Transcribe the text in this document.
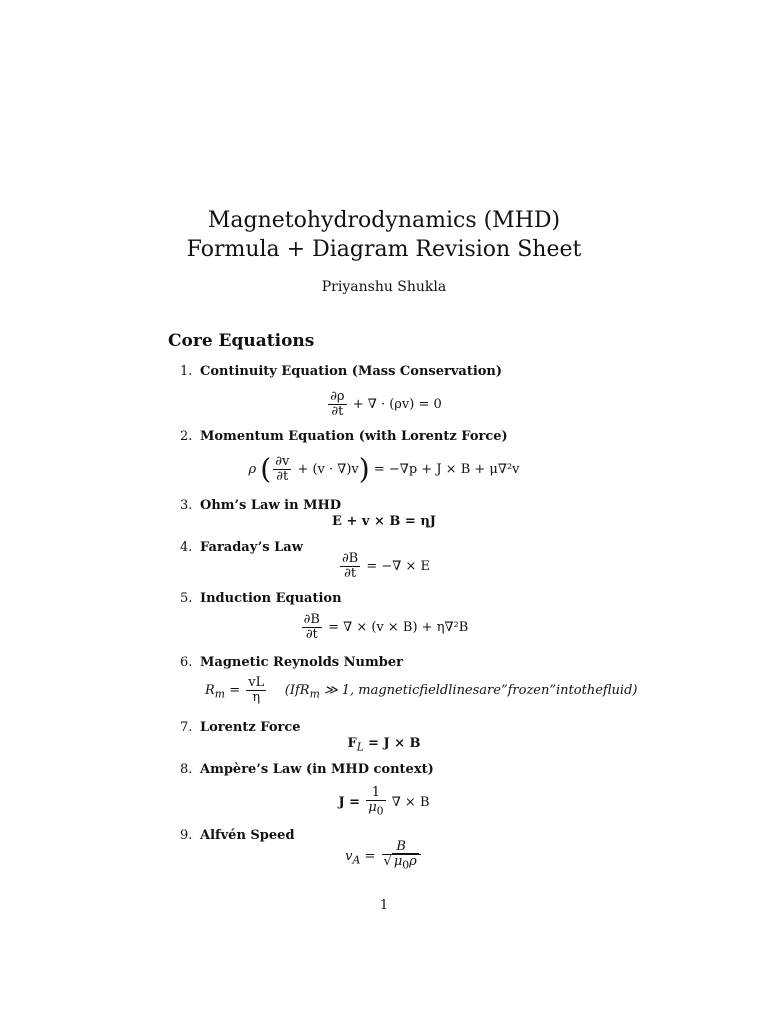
Magnetohydrodynamics (MHD)
Formula + Diagram Revision Sheet
Priyanshu Shukla
Core Equations
1. Continuity Equation (Mass Conservation)
$\frac{\partial\rho}{\partial t}$ + ∇ · (ρv) = 0
2. Momentum Equation (with Lorentz Force)
ρ ( $\frac{\partial v}{\partial t} + (v \cdot \nabla)v) = -\nabla p + J \times B + \mu\nabla^2v$
3. Ohm’s Law in MHD
E + v × B = ηJ
4. Faraday’s Law
$\frac{\partial B}{\partial t}$ = −∇ × E
5. Induction Equation
$\frac{\partial B}{\partial t}$ = ∇ × (v × B) + η∇²B
6. Magnetic Reynolds Number
$R_m = \frac{vL}{\eta} (IfR_m$ ≫ 1, magneticfieldlinesare”frozen”intothefluid)
7. Lorentz Force
$F_L = J \times B$
8. Ampère’s Law (in MHD context)
$J = \frac{1}{\mu_0}$ ∇ × B
9. Alfvén Speed
$v_A = \frac{B}{√ \mu_0\rho}$
1
